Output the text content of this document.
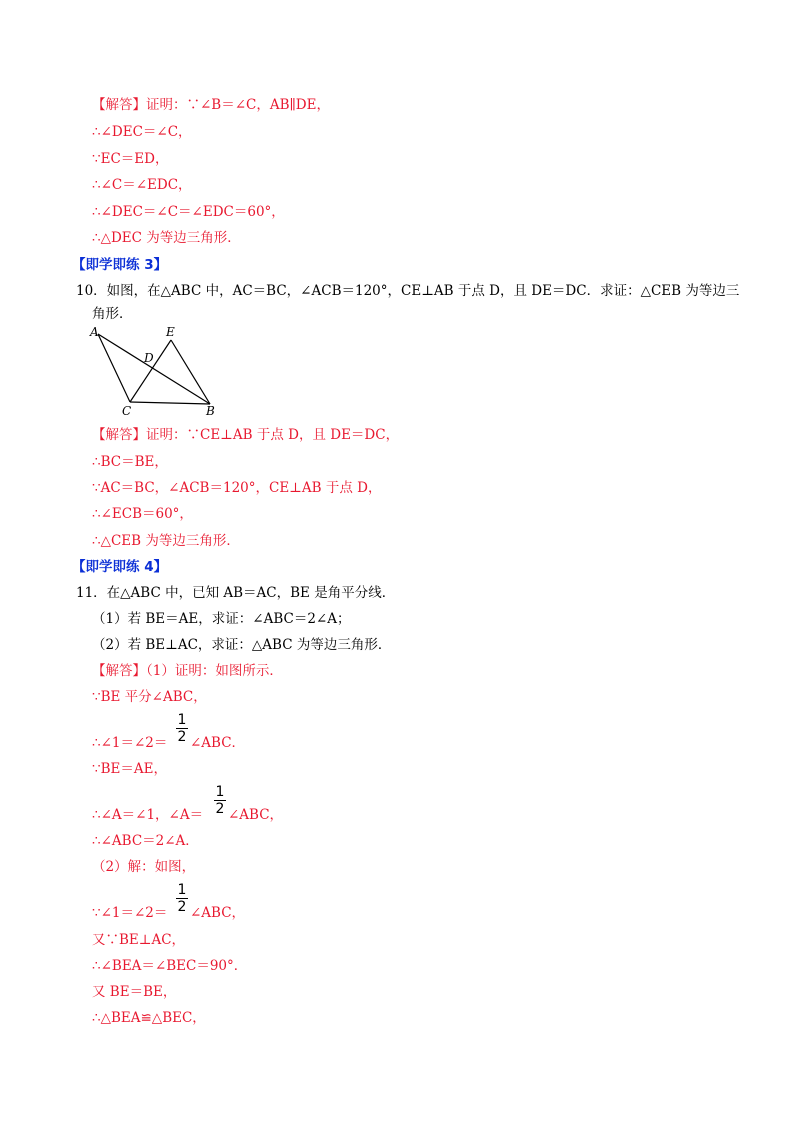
【解答】证明：∵∠B＝∠C，AB∥DE，
∴∠DEC＝∠C，
∵EC＝ED，
∴∠C＝∠EDC，
∴∠DEC＝∠C＝∠EDC＝60°，
∴△DEC 为等边三角形．
【即学即练 3】
10．如图，在△ABC 中，AC＝BC，∠ACB＝120°，CE⊥AB 于点 D，且 DE＝DC．求证：△CEB 为等边三
角形．
A	E
D
C	B
【解答】证明：∵CE⊥AB 于点 D，且 DE＝DC，
∴BC＝BE，
∵AC＝BC，∠ACB＝120°，CE⊥AB 于点 D，
∴∠ECB＝60°，
∴△CEB 为等边三角形．
【即学即练 4】
11．在△ABC 中，已知 AB＝AC，BE 是角平分线．
（1）若 BE＝AE，求证：∠ABC＝2∠A；
（2）若 BE⊥AC，求证：△ABC 为等边三角形．
【解答】（1）证明：如图所示．
∵BE 平分∠ABC，
∴∠1＝∠2＝
1
2 ∠ABC．
∵BE＝AE，
∴∠A＝∠1，∠A＝
1
2 ∠ABC，
∴∠ABC＝2∠A．
（2）解：如图，
∵∠1＝∠2＝
1
2 ∠ABC，
又∵BE⊥AC，
∴∠BEA＝∠BEC＝90°．
又 BE＝BE，
∴△BEA≌△BEC，
